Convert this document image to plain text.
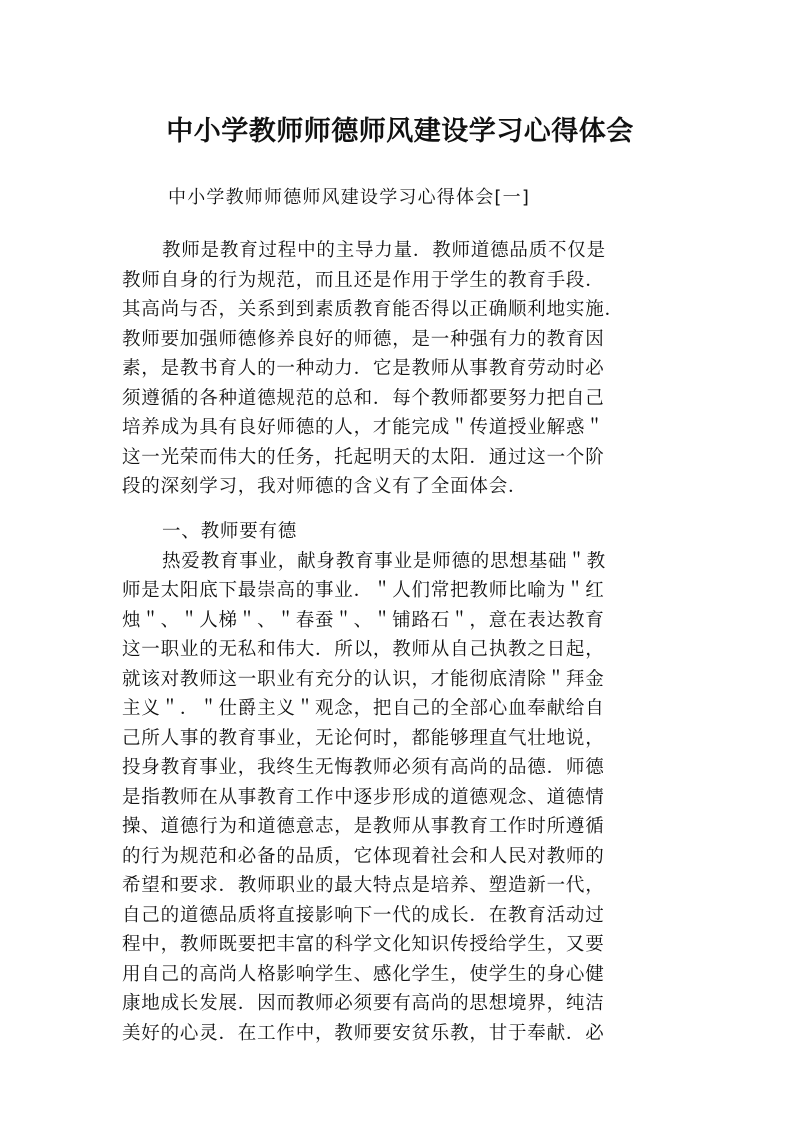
中小学教师师德师风建设学习心得体会

中小学教师师德师风建设学习心得体会[一]

教师是教育过程中的主导力量．教师道德品质不仅是
教师自身的行为规范，而且还是作用于学生的教育手段．
其高尚与否，关系到到素质教育能否得以正确顺利地实施．
教师要加强师德修养良好的师德，是一种强有力的教育因
素，是教书育人的一种动力．它是教师从事教育劳动时必
须遵循的各种道德规范的总和．每个教师都要努力把自己
培养成为具有良好师德的人，才能完成＂传道授业解惑＂
这一光荣而伟大的任务，托起明天的太阳．通过这一个阶
段的深刻学习，我对师德的含义有了全面体会．
一、教师要有德
热爱教育事业，献身教育事业是师德的思想基础＂教
师是太阳底下最崇高的事业．＂人们常把教师比喻为＂红
烛＂、＂人梯＂、＂春蚕＂、＂铺路石＂，意在表达教育
这一职业的无私和伟大．所以，教师从自己执教之日起，
就该对教师这一职业有充分的认识，才能彻底清除＂拜金
主义＂．＂仕爵主义＂观念，把自己的全部心血奉献给自
己所人事的教育事业，无论何时，都能够理直气壮地说，
投身教育事业，我终生无悔教师必须有高尚的品德．师德
是指教师在从事教育工作中逐步形成的道德观念、道德情
操、道德行为和道德意志，是教师从事教育工作时所遵循
的行为规范和必备的品质，它体现着社会和人民对教师的
希望和要求．教师职业的最大特点是培养、塑造新一代，
自己的道德品质将直接影响下一代的成长．在教育活动过
程中，教师既要把丰富的科学文化知识传授给学生，又要
用自己的高尚人格影响学生、感化学生，使学生的身心健
康地成长发展．因而教师必须要有高尚的思想境界，纯洁
美好的心灵．在工作中，教师要安贫乐教，甘于奉献．必
